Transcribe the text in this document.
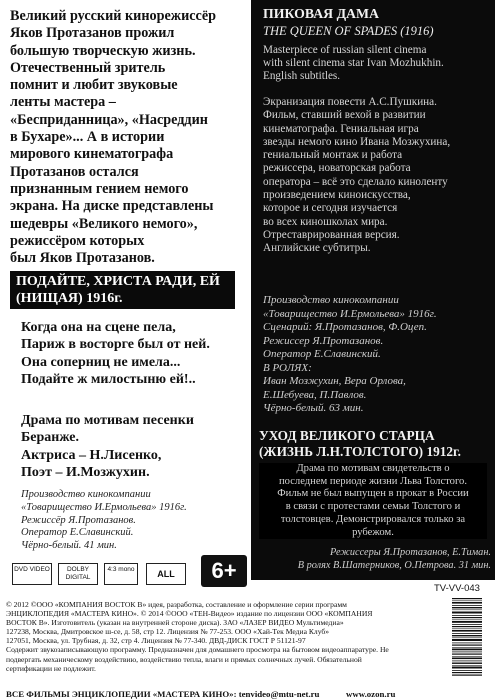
Великий русский кинорежиссёр
Яков Протазанов прожил
большую творческую жизнь.
Отечественный зритель
помнит и любит звуковые
ленты мастера –
«Бесприданница», «Насреддин
в Бухаре»... А в истории
мирового кинематографа
Протазанов остался
признанным гением немого
экрана. На диске представлены
шедевры «Великого немого»,
режиссёром которых
был Яков Протазанов.
ПОДАЙТЕ, ХРИСТА РАДИ, ЕЙ
(НИЩАЯ) 1916г.
Когда она на сцене пела,
Париж в восторге был от ней.
Она соперниц не имела...
Подайте ж милостыню ей!..
Драма по мотивам песенки
Беранже.
Актриса – Н.Лисенко,
Поэт – И.Мозжухин.
Производство кинокомпании
«Товарищество И.Ермольева» 1916г.
Режиссёр Я.Протазанов.
Оператор Е.Славинский.
Чёрно-белый. 41 мин.
ПИКОВАЯ ДАМА
THE QUEEN OF SPADES (1916)
Masterpiece of russian silent cinema
with silent cinema star Ivan Mozhukhin.
English subtitles.
Экранизация повести А.С.Пушкина.
Фильм, ставший вехой в развитии
кинематографа. Гениальная игра
звезды немого кино Ивана Мозжухина,
гениальный монтаж и работа
режиссера, новаторская работа
оператора – всё это сделало киноленту
произведением киноискусства,
которое и сегодня изучается
во всех киношколах мира.
Отреставрированная версия.
Английские субтитры.
Производство кинокомпании
«Товарищество И.Ермольева» 1916г.
Сценарий: Я.Протазанов, Ф.Оцеп.
Режиссер Я.Протазанов.
Оператор Е.Славинский.
В РОЛЯХ:
Иван Мозжухин, Вера Орлова,
Е.Шебуева, П.Павлов.
Чёрно-белый. 63 мин.
УХОД ВЕЛИКОГО СТАРЦА
(ЖИЗНЬ Л.Н.ТОЛСТОГО) 1912г.
Драма по мотивам свидетельств о
последнем периоде жизни Льва Толстого.
Фильм не был выпущен в прокат в России
в связи с протестами семьи Толстого и
толстовцев. Демонстрировался только за
рубежом.
Режиссеры Я.Протазанов, Е.Тиман.
В ролях В.Шатерников, О.Петрова. 31 мин.
DVD VIDEO	DOLBY DIGITAL
4:3 mono	ALL	6+
TV-VV-043
© 2012 ©ООО «КОМПАНИЯ ВОСТОК В» идея, разработка, составление и оформление серии программ
ЭНЦИКЛОПЕДИЯ «МАСТЕРА КИНО». © 2014 ©ООО «ТЕН-Видео» издание по лицензии ООО «КОМПАНИЯ
ВОСТОК В». Изготовитель (указан на внутренней стороне диска). ЗАО «ЛАЗЕР ВИДЕО Мультимедиа»
127238, Москва, Дмитровское ш-се, д. 58, стр 12. Лицензия № 77-253. ООО «Хай-Тек Медиа Клуб»
127051, Москва, ул. Трубная, д. 32, стр 4. Лицензия № 77-340. ДВД-ДИСК ГОСТ Р 51121-97
Содержит звукозаписывающую программу. Предназначен для домашнего просмотра на бытовом видеоаппаратуре. Не
подвергать механическому воздействию, воздействию тепла, влаги и прямых солнечных лучей. Обязательной
сертификации не подлежит.
ВСЕ ФИЛЬМЫ ЭНЦИКЛОПЕДИИ «МАСТЕРА КИНО»: tenvideo@mtu-net.ru	www.ozon.ru
